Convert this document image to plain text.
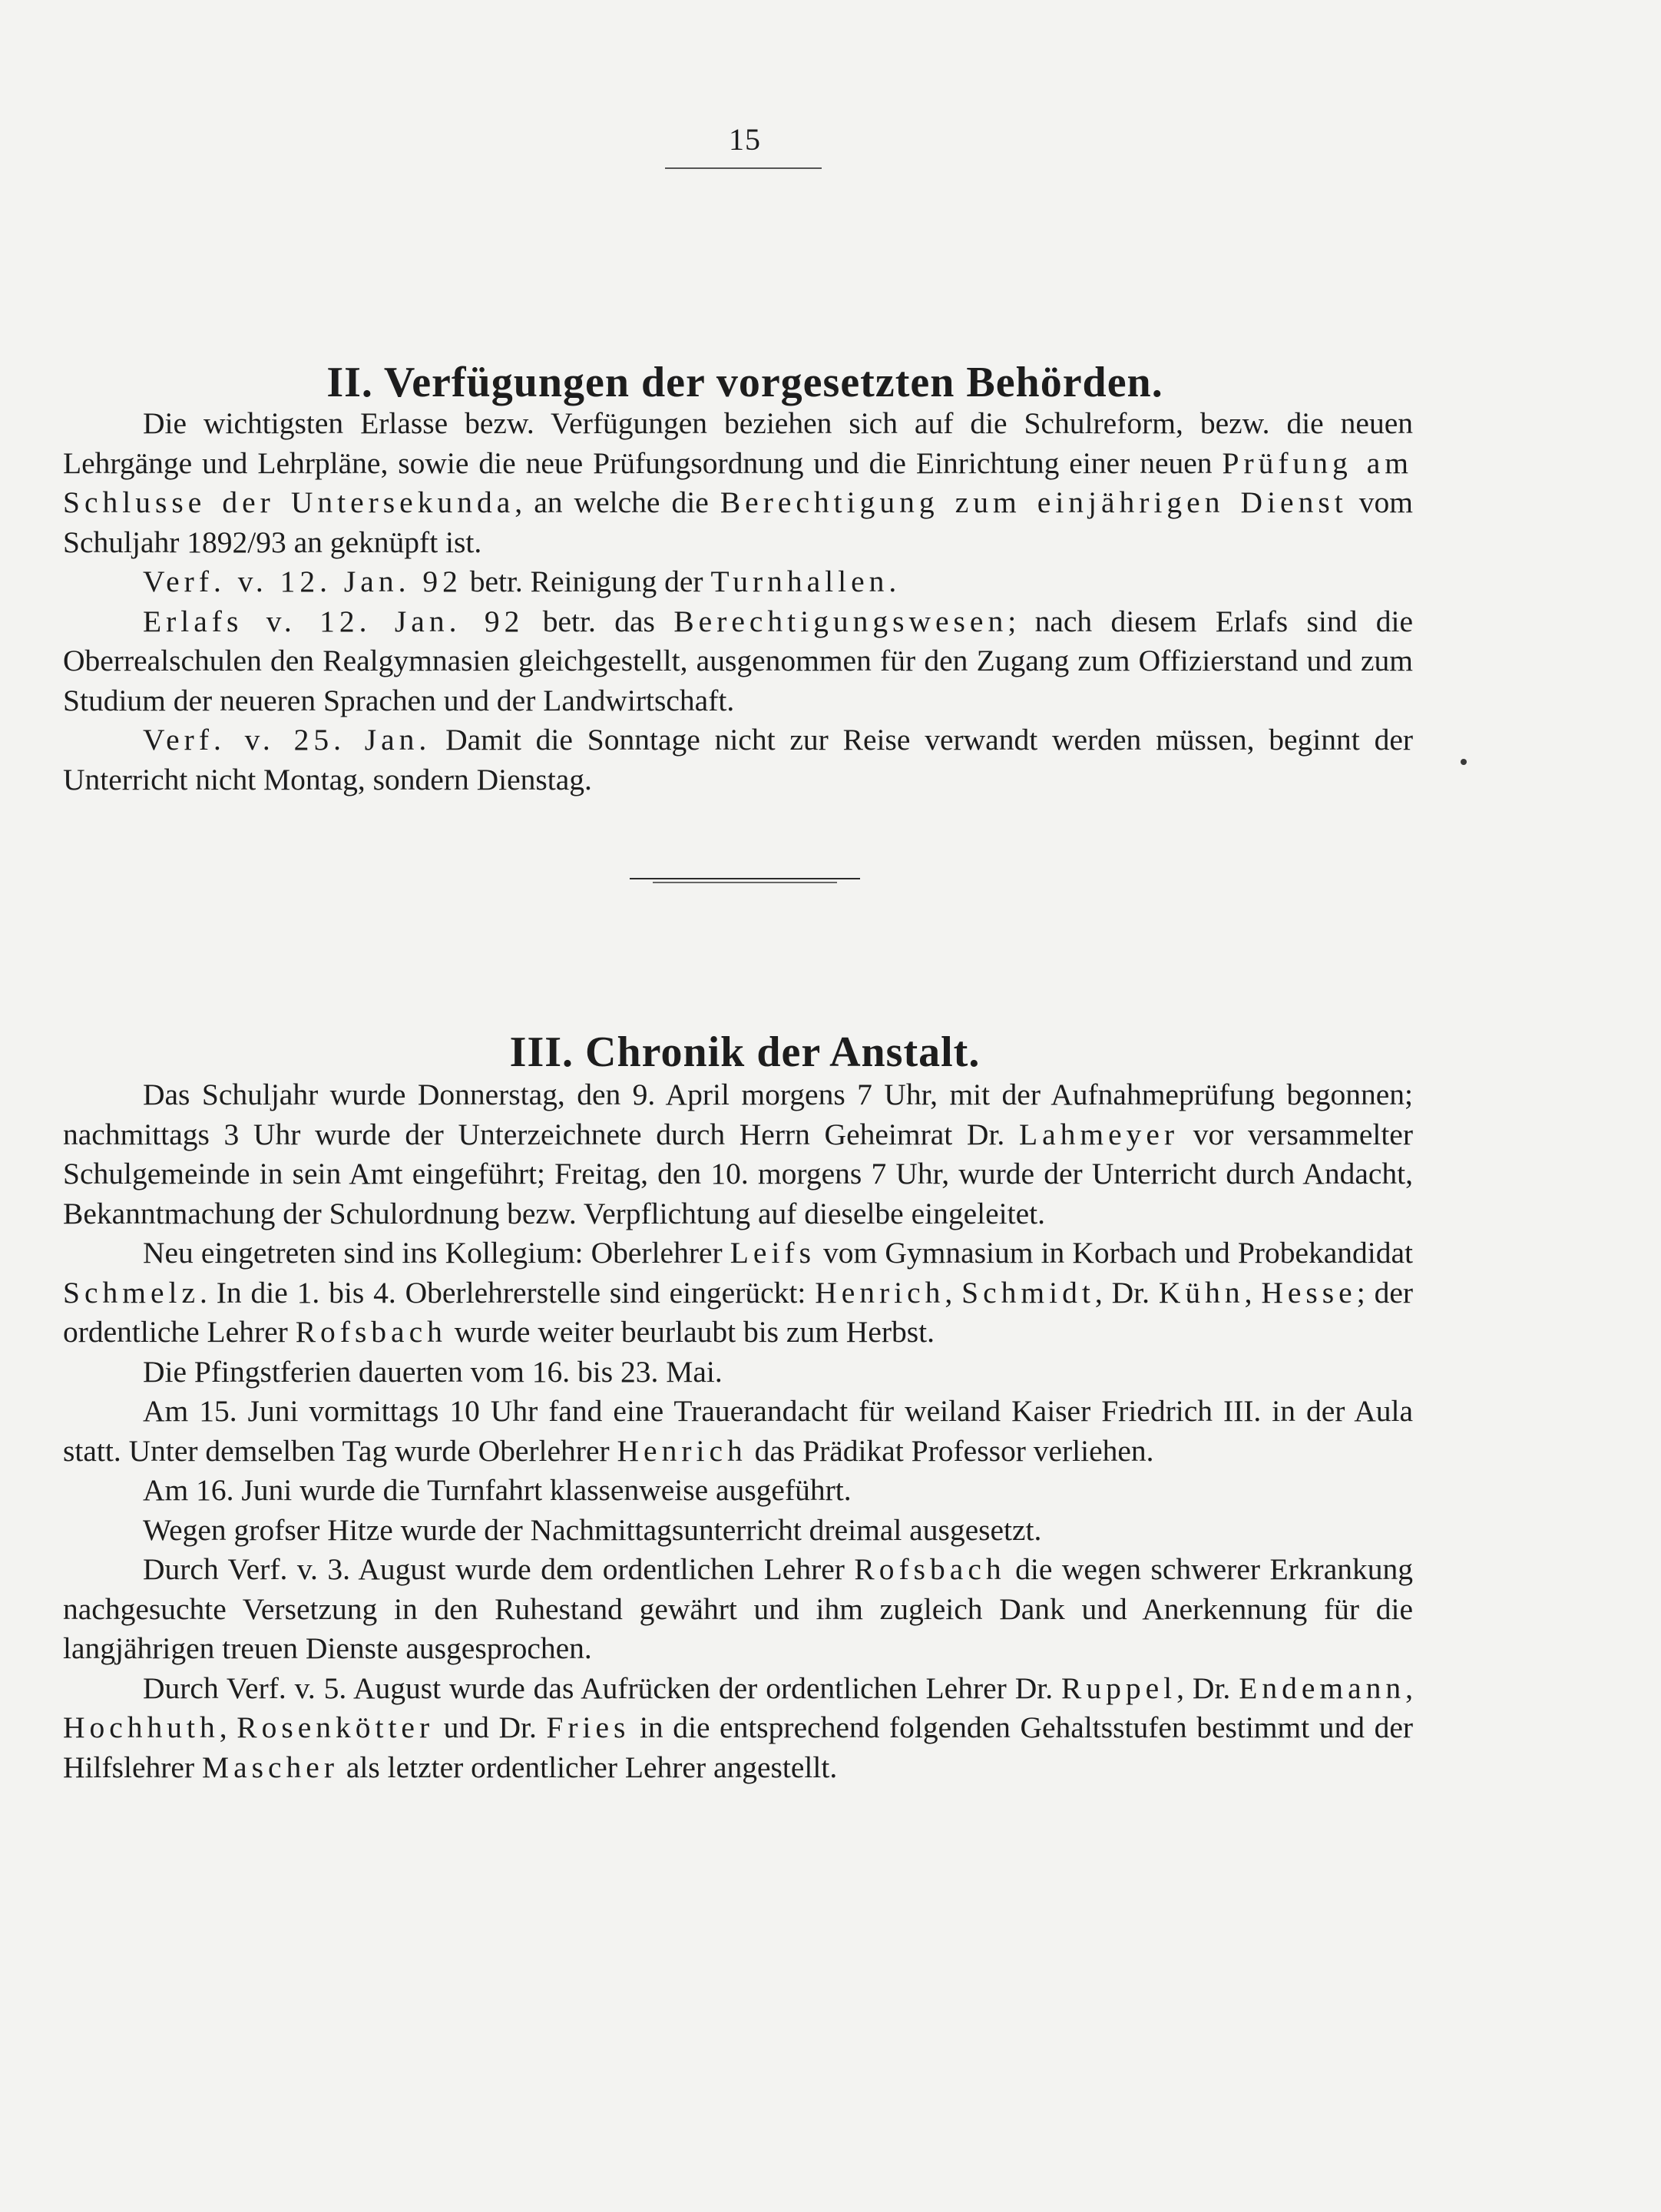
15
II. Verfügungen der vorgesetzten Behörden.

Die wichtigsten Erlasse bezw. Verfügungen beziehen sich auf die Schulreform, bezw. die neuen Lehrgänge und Lehrpläne, sowie die neue Prüfungsordnung und die Einrichtung einer neuen Prüfung am Schlusse der Untersekunda, an welche die Berechtigung zum einjährigen Dienst vom Schuljahr 1892/93 an geknüpft ist.

Verf. v. 12. Jan. 92 betr. Reinigung der Turnhallen.

Erlafs v. 12. Jan. 92 betr. das Berechtigungswesen; nach diesem Erlafs sind die Oberrealschulen den Realgymnasien gleichgestellt, ausgenommen für den Zugang zum Offizierstand und zum Studium der neueren Sprachen und der Landwirtschaft.

Verf. v. 25. Jan. Damit die Sonntage nicht zur Reise verwandt werden müssen, beginnt der Unterricht nicht Montag, sondern Dienstag.

III. Chronik der Anstalt.

Das Schuljahr wurde Donnerstag, den 9. April morgens 7 Uhr, mit der Aufnahmeprüfung begonnen; nachmittags 3 Uhr wurde der Unterzeichnete durch Herrn Geheimrat Dr. Lahmeyer vor versammelter Schulgemeinde in sein Amt eingeführt; Freitag, den 10. morgens 7 Uhr, wurde der Unterricht durch Andacht, Bekanntmachung der Schulordnung bezw. Verpflichtung auf dieselbe eingeleitet.

Neu eingetreten sind ins Kollegium: Oberlehrer Leifs vom Gymnasium in Korbach und Probekandidat Schmelz. In die 1. bis 4. Oberlehrerstelle sind eingerückt: Henrich, Schmidt, Dr. Kühn, Hesse; der ordentliche Lehrer Rofsbach wurde weiter beurlaubt bis zum Herbst.

Die Pfingstferien dauerten vom 16. bis 23. Mai.

Am 15. Juni vormittags 10 Uhr fand eine Trauerandacht für weiland Kaiser Friedrich III. in der Aula statt. Unter demselben Tag wurde Oberlehrer Henrich das Prädikat Professor verliehen.

Am 16. Juni wurde die Turnfahrt klassenweise ausgeführt.

Wegen grofser Hitze wurde der Nachmittagsunterricht dreimal ausgesetzt.

Durch Verf. v. 3. August wurde dem ordentlichen Lehrer Rofsbach die wegen schwerer Erkrankung nachgesuchte Versetzung in den Ruhestand gewährt und ihm zugleich Dank und Anerkennung für die langjährigen treuen Dienste ausgesprochen.

Durch Verf. v. 5. August wurde das Aufrücken der ordentlichen Lehrer Dr. Ruppel, Dr. Endemann, Hochhuth, Rosenkötter und Dr. Fries in die entsprechend folgenden Gehaltsstufen bestimmt und der Hilfslehrer Mascher als letzter ordentlicher Lehrer angestellt.
